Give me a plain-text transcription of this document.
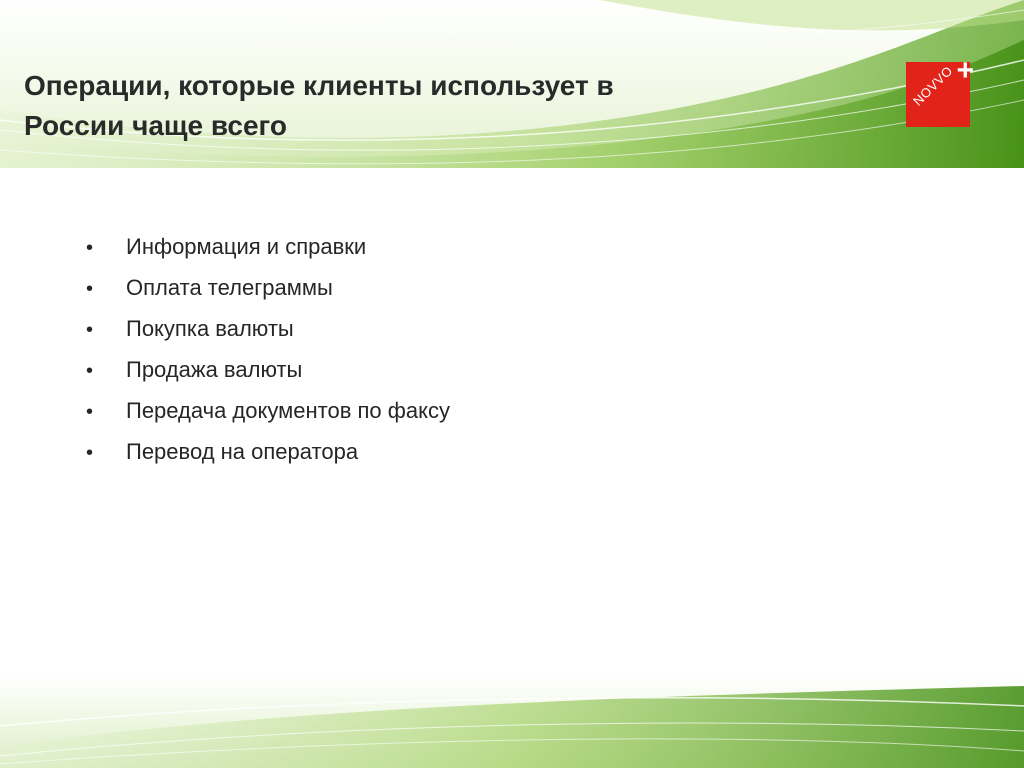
Операции, которые клиенты использует в
России чаще всего
+
NOVVO
• Информация и справки
• Оплата телеграммы
• Покупка валюты
• Продажа валюты
• Передача документов по факсу
• Перевод на оператора
